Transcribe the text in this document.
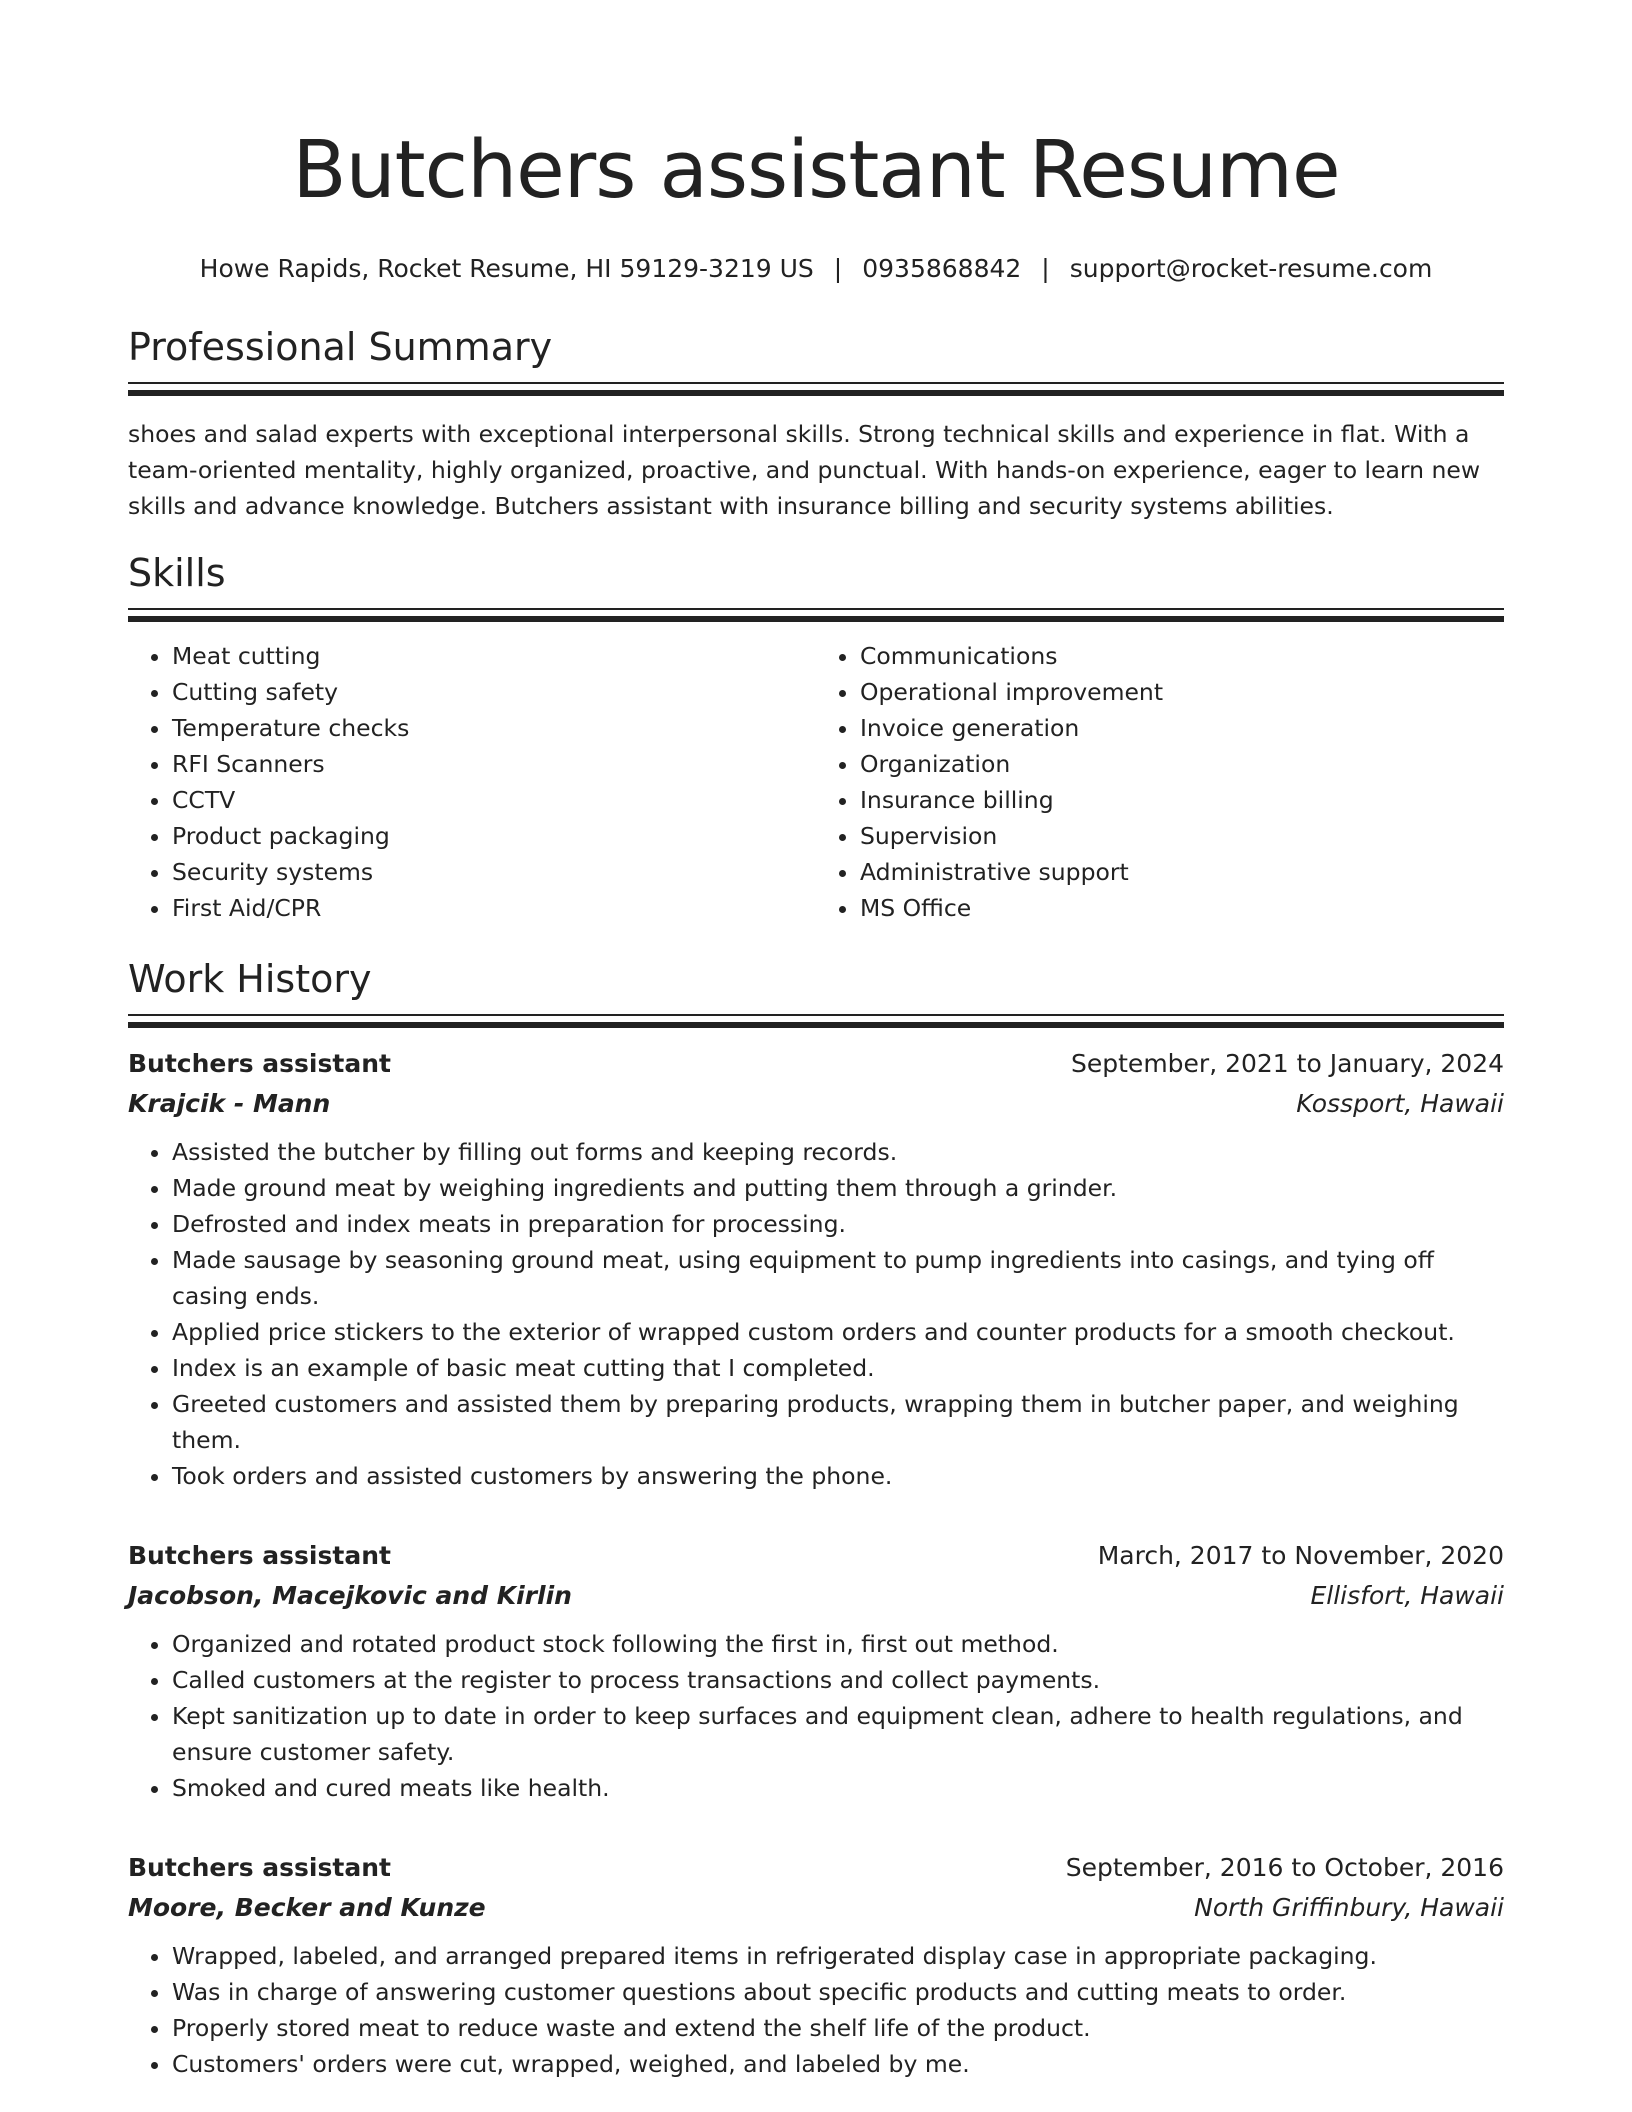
Butchers assistant Resume
Howe Rapids, Rocket Resume, HI 59129-3219 US | 0935868842 | support@rocket-resume.com
Professional Summary

shoes and salad experts with exceptional interpersonal skills. Strong technical skills and experience in flat. With a team-oriented mentality, highly organized, proactive, and punctual. With hands-on experience, eager to learn new skills and advance knowledge. Butchers assistant with insurance billing and security systems abilities.

Skills
• Meat cutting
• Cutting safety
• Temperature checks
• RFI Scanners
• CCTV
• Product packaging
• Security systems
• First Aid/CPR
• Communications
• Operational improvement
• Invoice generation
• Organization
• Insurance billing
• Supervision
• Administrative support
• MS Office
Work History
Butchers assistant	September, 2021 to January, 2024
Krajcik - Mann	Kossport, Hawaii
• Assisted the butcher by filling out forms and keeping records.
• Made ground meat by weighing ingredients and putting them through a grinder.
• Defrosted and index meats in preparation for processing.
• Made sausage by seasoning ground meat, using equipment to pump ingredients into casings, and tying off casing ends.
• Applied price stickers to the exterior of wrapped custom orders and counter products for a smooth checkout.
• Index is an example of basic meat cutting that I completed.
• Greeted customers and assisted them by preparing products, wrapping them in butcher paper, and weighing them.
• Took orders and assisted customers by answering the phone.
Butchers assistant	March, 2017 to November, 2020
Jacobson, Macejkovic and Kirlin	Ellisfort, Hawaii
• Organized and rotated product stock following the first in, first out method.
• Called customers at the register to process transactions and collect payments.
• Kept sanitization up to date in order to keep surfaces and equipment clean, adhere to health regulations, and ensure customer safety.
• Smoked and cured meats like health.
Butchers assistant	September, 2016 to October, 2016
Moore, Becker and Kunze	North Griffinbury, Hawaii
• Wrapped, labeled, and arranged prepared items in refrigerated display case in appropriate packaging.
• Was in charge of answering customer questions about specific products and cutting meats to order.
• Properly stored meat to reduce waste and extend the shelf life of the product.
• Customers' orders were cut, wrapped, weighed, and labeled by me.
